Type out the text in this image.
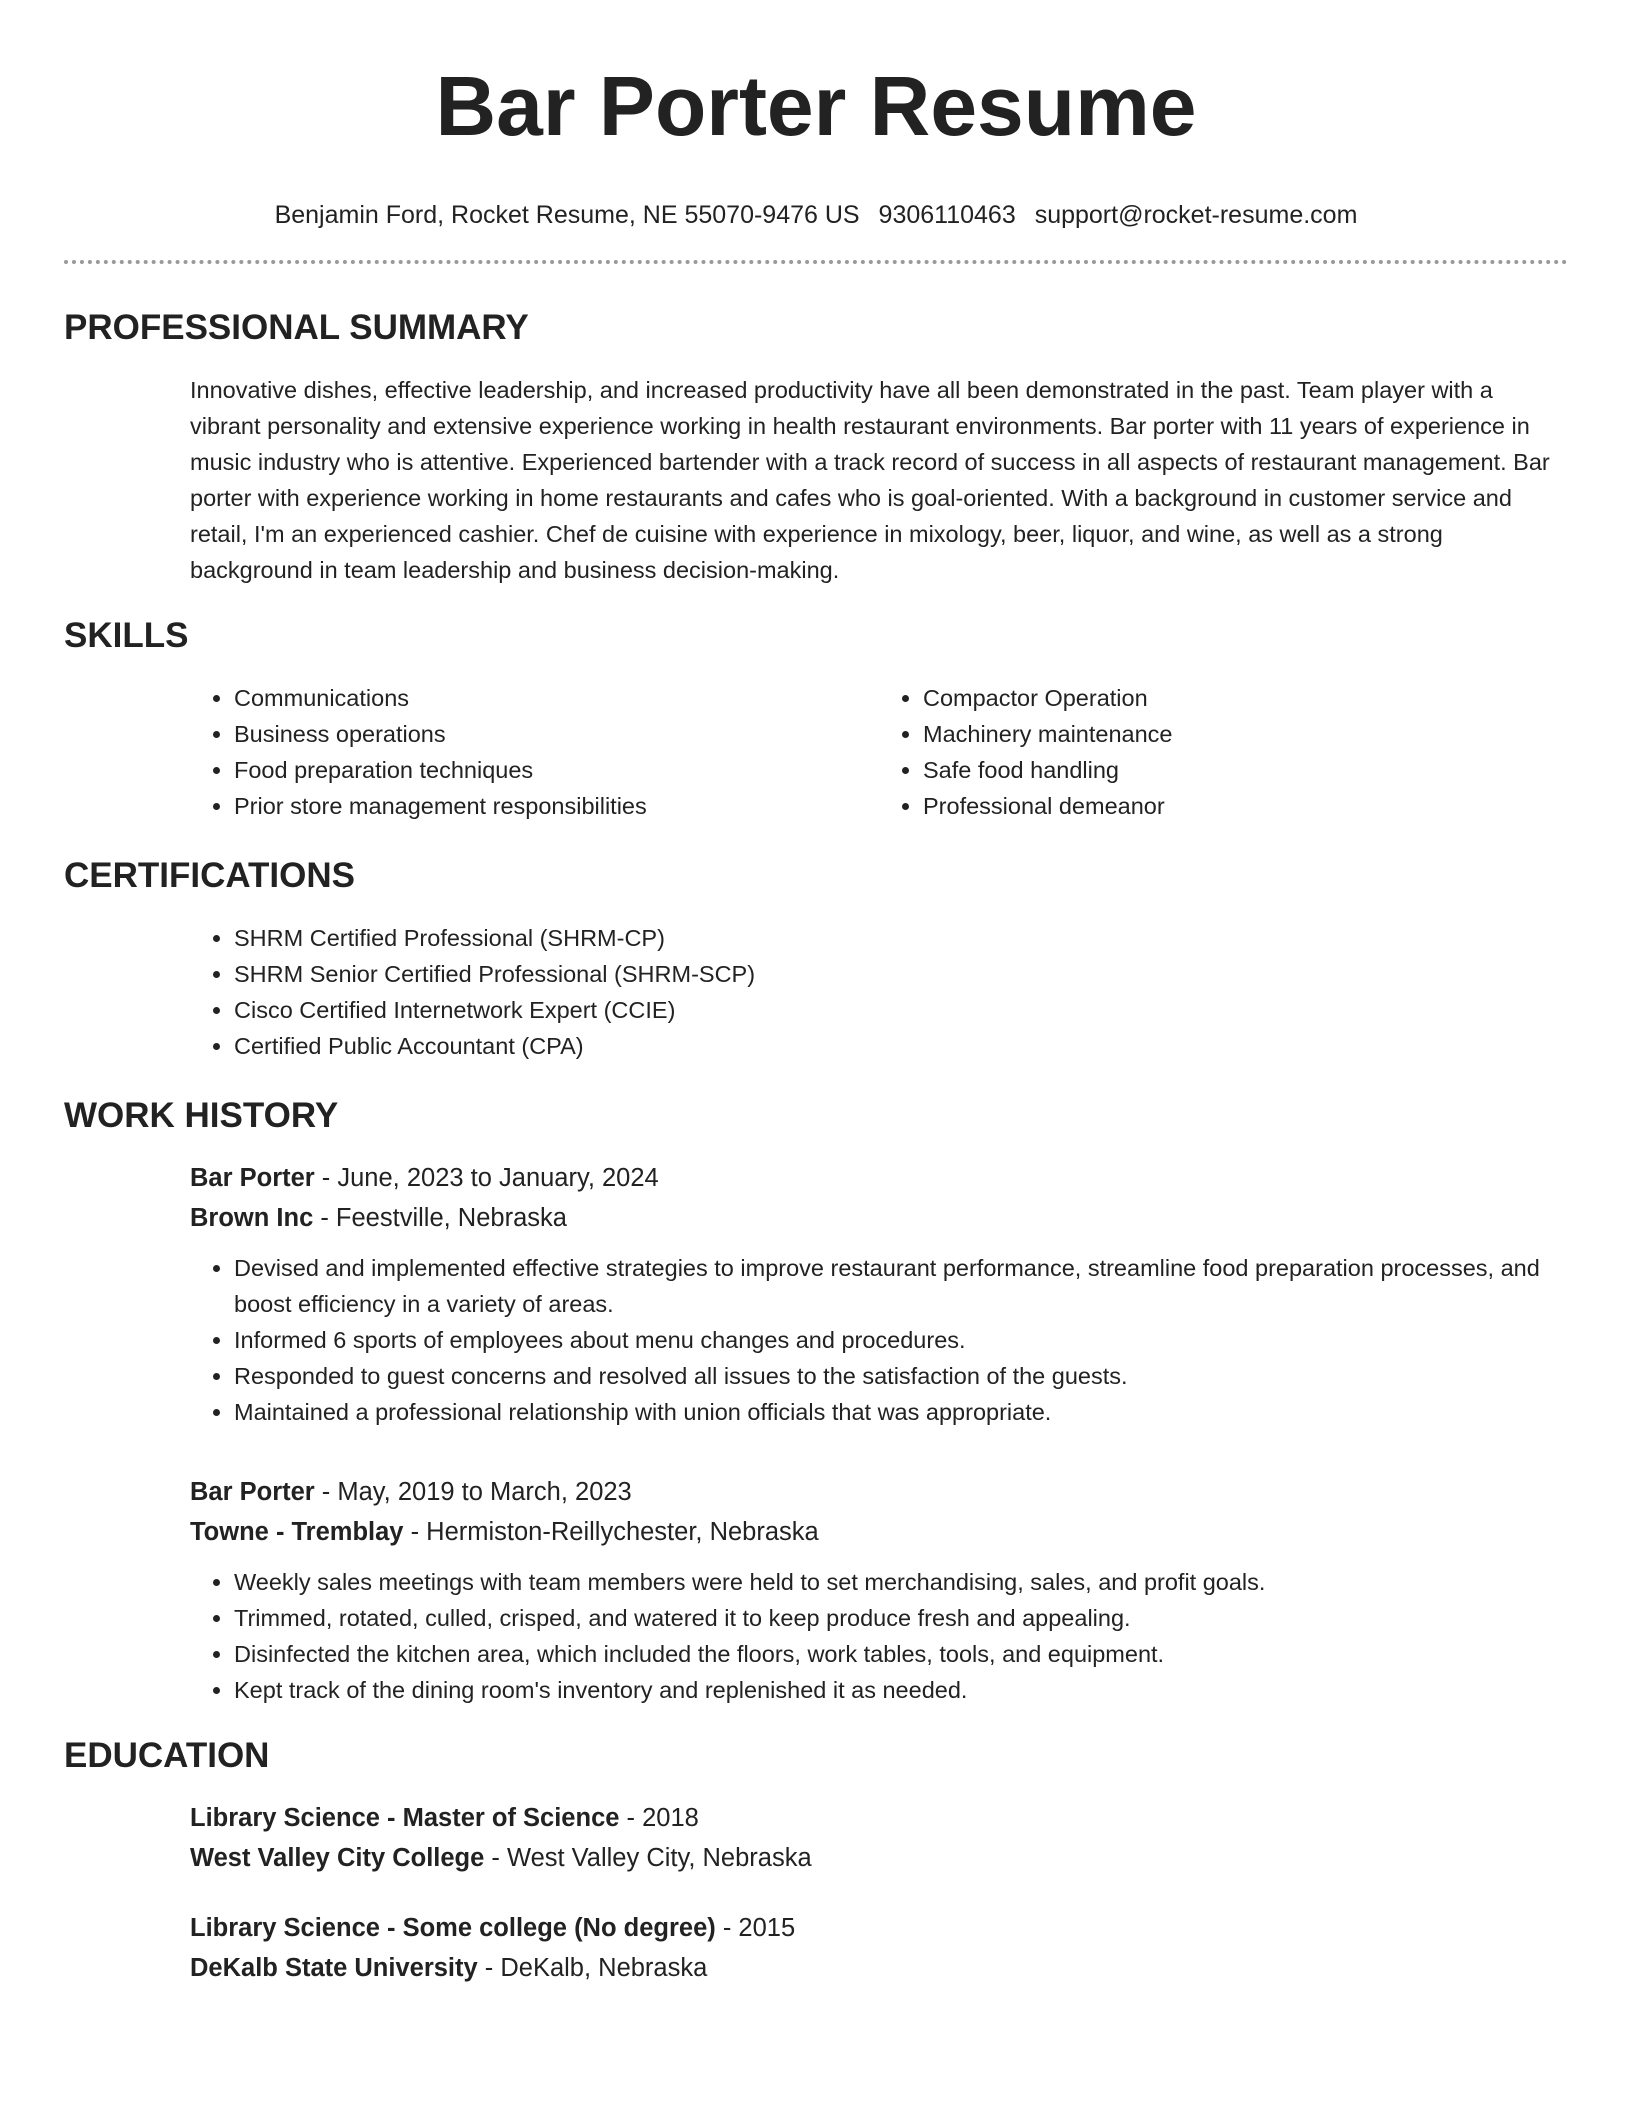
Bar Porter Resume
Benjamin Ford, Rocket Resume, NE 55070-9476 US 9306110463 support@rocket-resume.com
PROFESSIONAL SUMMARY
Innovative dishes, effective leadership, and increased productivity have all been demonstrated in the past. Team player with a vibrant personality and extensive experience working in health restaurant environments. Bar porter with 11 years of experience in music industry who is attentive. Experienced bartender with a track record of success in all aspects of restaurant management. Bar porter with experience working in home restaurants and cafes who is goal-oriented. With a background in customer service and retail, I'm an experienced cashier. Chef de cuisine with experience in mixology, beer, liquor, and wine, as well as a strong background in team leadership and business decision-making.
SKILLS
• Communications
• Business operations
• Food preparation techniques
• Prior store management responsibilities
• Compactor Operation
• Machinery maintenance
• Safe food handling
• Professional demeanor
CERTIFICATIONS
• SHRM Certified Professional (SHRM-CP)
• SHRM Senior Certified Professional (SHRM-SCP)
• Cisco Certified Internetwork Expert (CCIE)
• Certified Public Accountant (CPA)
WORK HISTORY
Bar Porter - June, 2023 to January, 2024
Brown Inc - Feestville, Nebraska
• Devised and implemented effective strategies to improve restaurant performance, streamline food preparation processes, and boost efficiency in a variety of areas.
• Informed 6 sports of employees about menu changes and procedures.
• Responded to guest concerns and resolved all issues to the satisfaction of the guests.
• Maintained a professional relationship with union officials that was appropriate.
Bar Porter - May, 2019 to March, 2023
Towne - Tremblay - Hermiston-Reillychester, Nebraska
• Weekly sales meetings with team members were held to set merchandising, sales, and profit goals.
• Trimmed, rotated, culled, crisped, and watered it to keep produce fresh and appealing.
• Disinfected the kitchen area, which included the floors, work tables, tools, and equipment.
• Kept track of the dining room's inventory and replenished it as needed.
EDUCATION
Library Science - Master of Science - 2018
West Valley City College - West Valley City, Nebraska
Library Science - Some college (No degree) - 2015
DeKalb State University - DeKalb, Nebraska
